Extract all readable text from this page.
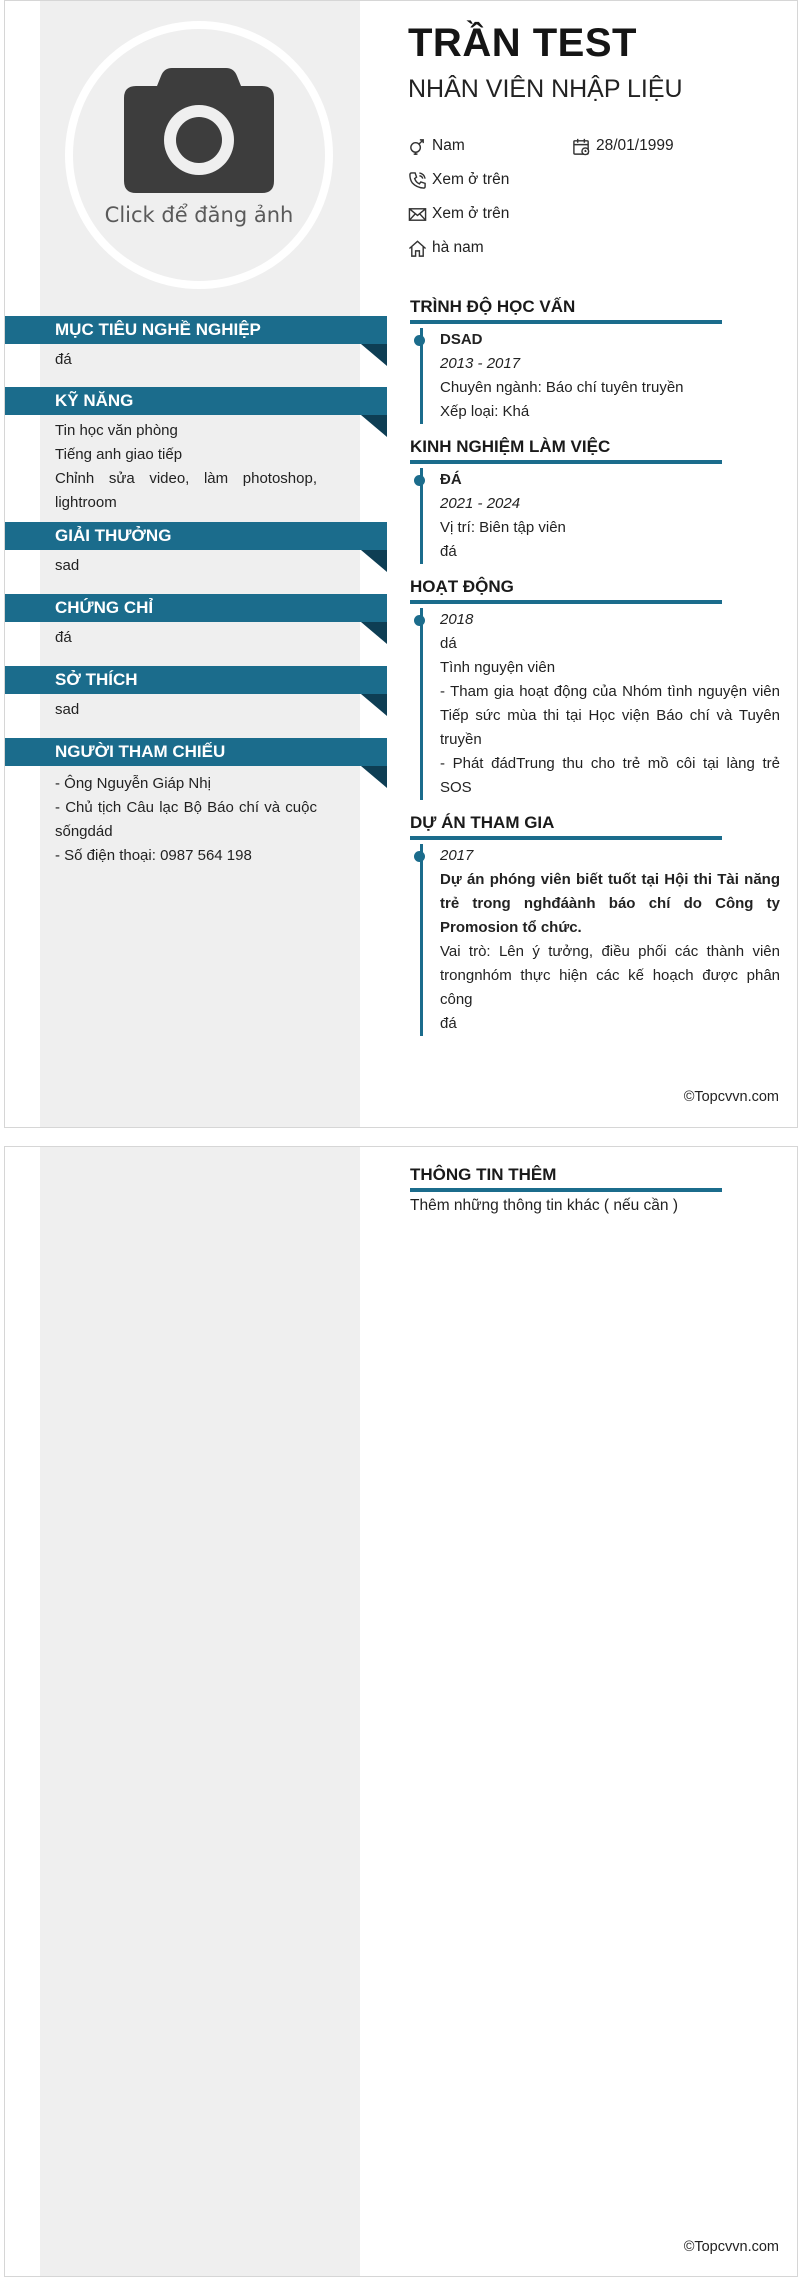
Click để đăng ảnh
MỤC TIÊU NGHỀ NGHIỆP
đá
KỸ NĂNG
Tin học văn phòng
Tiếng anh giao tiếp
Chỉnh sửa video, làm photoshop, lightroom
GIẢI THƯỞNG
sad
CHỨNG CHỈ
đá
SỞ THÍCH
sad
NGƯỜI THAM CHIẾU
- Ông Nguyễn Giáp Nhị
- Chủ tịch Câu lạc Bộ Báo chí và cuộc sốngdád
- Số điện thoại: 0987 564 198
TRẦN TEST
NHÂN VIÊN NHẬP LIỆU
Nam	28/01/1999
Xem ở trên
Xem ở trên
hà nam
TRÌNH ĐỘ HỌC VẤN
DSAD
2013 - 2017
Chuyên ngành: Báo chí tuyên truyền
Xếp loại: Khá
KINH NGHIỆM LÀM VIỆC
ĐÁ
2021 - 2024
Vị trí: Biên tập viên
đá
HOẠT ĐỘNG
2018
dá
Tình nguyện viên
- Tham gia hoạt động của Nhóm tình nguyện viên Tiếp sức mùa thi tại Học viện Báo chí và Tuyên truyền
- Phát đádTrung thu cho trẻ mồ côi tại làng trẻ SOS
DỰ ÁN THAM GIA
2017
Dự án phóng viên biết tuốt tại Hội thi Tài năng trẻ trong nghđáành báo chí do Công ty Promosion tổ chức.
Vai trò: Lên ý tưởng, điều phối các thành viên trongnhóm thực hiện các kế hoạch được phân công
đá
©Topcvvn.com
THÔNG TIN THÊM
Thêm những thông tin khác ( nếu cần )
©Topcvvn.com
